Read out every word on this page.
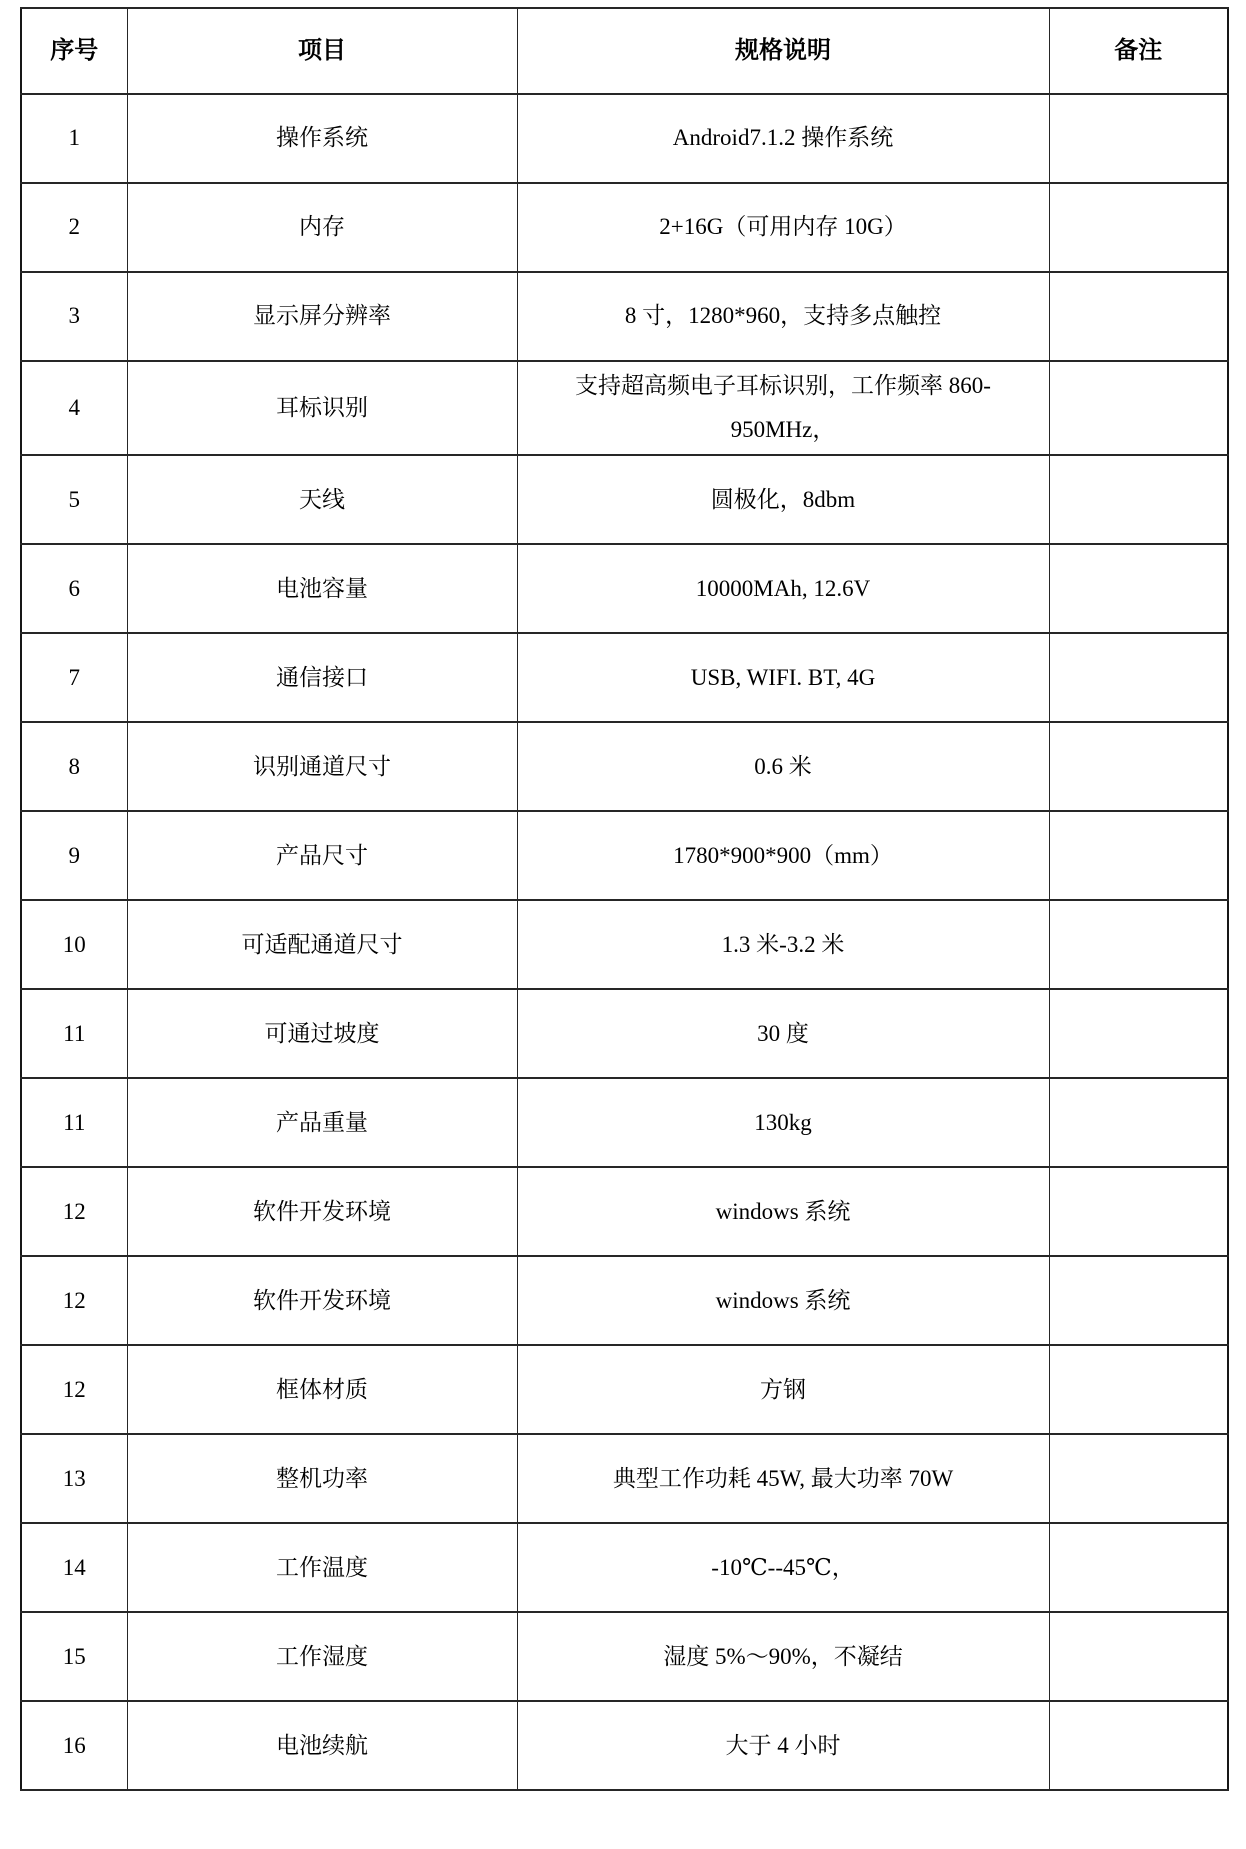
序号	项目	规格说明	备注
1	操作系统	Android7.1.2 操作系统	
2	内存	2+16G（可用内存 10G）	
3	显示屏分辨率	8 寸，1280*960，支持多点触控	
4	耳标识别	支持超高频电子耳标识别，工作频率 860-950MHz，	
5	天线	圆极化，8dbm	
6	电池容量	10000MAh, 12.6V	
7	通信接口	USB, WIFI. BT, 4G	
8	识别通道尺寸	0.6 米	
9	产品尺寸	1780*900*900（mm）	
10	可适配通道尺寸	1.3 米-3.2 米	
11	可通过坡度	30 度	
11	产品重量	130kg	
12	软件开发环境	windows 系统	
12	软件开发环境	windows 系统	
12	框体材质	方钢	
13	整机功率	典型工作功耗 45W, 最大功率 70W	
14	工作温度	-10℃--45℃，	
15	工作湿度	湿度 5%～90%，不凝结	
16	电池续航	大于 4 小时	
